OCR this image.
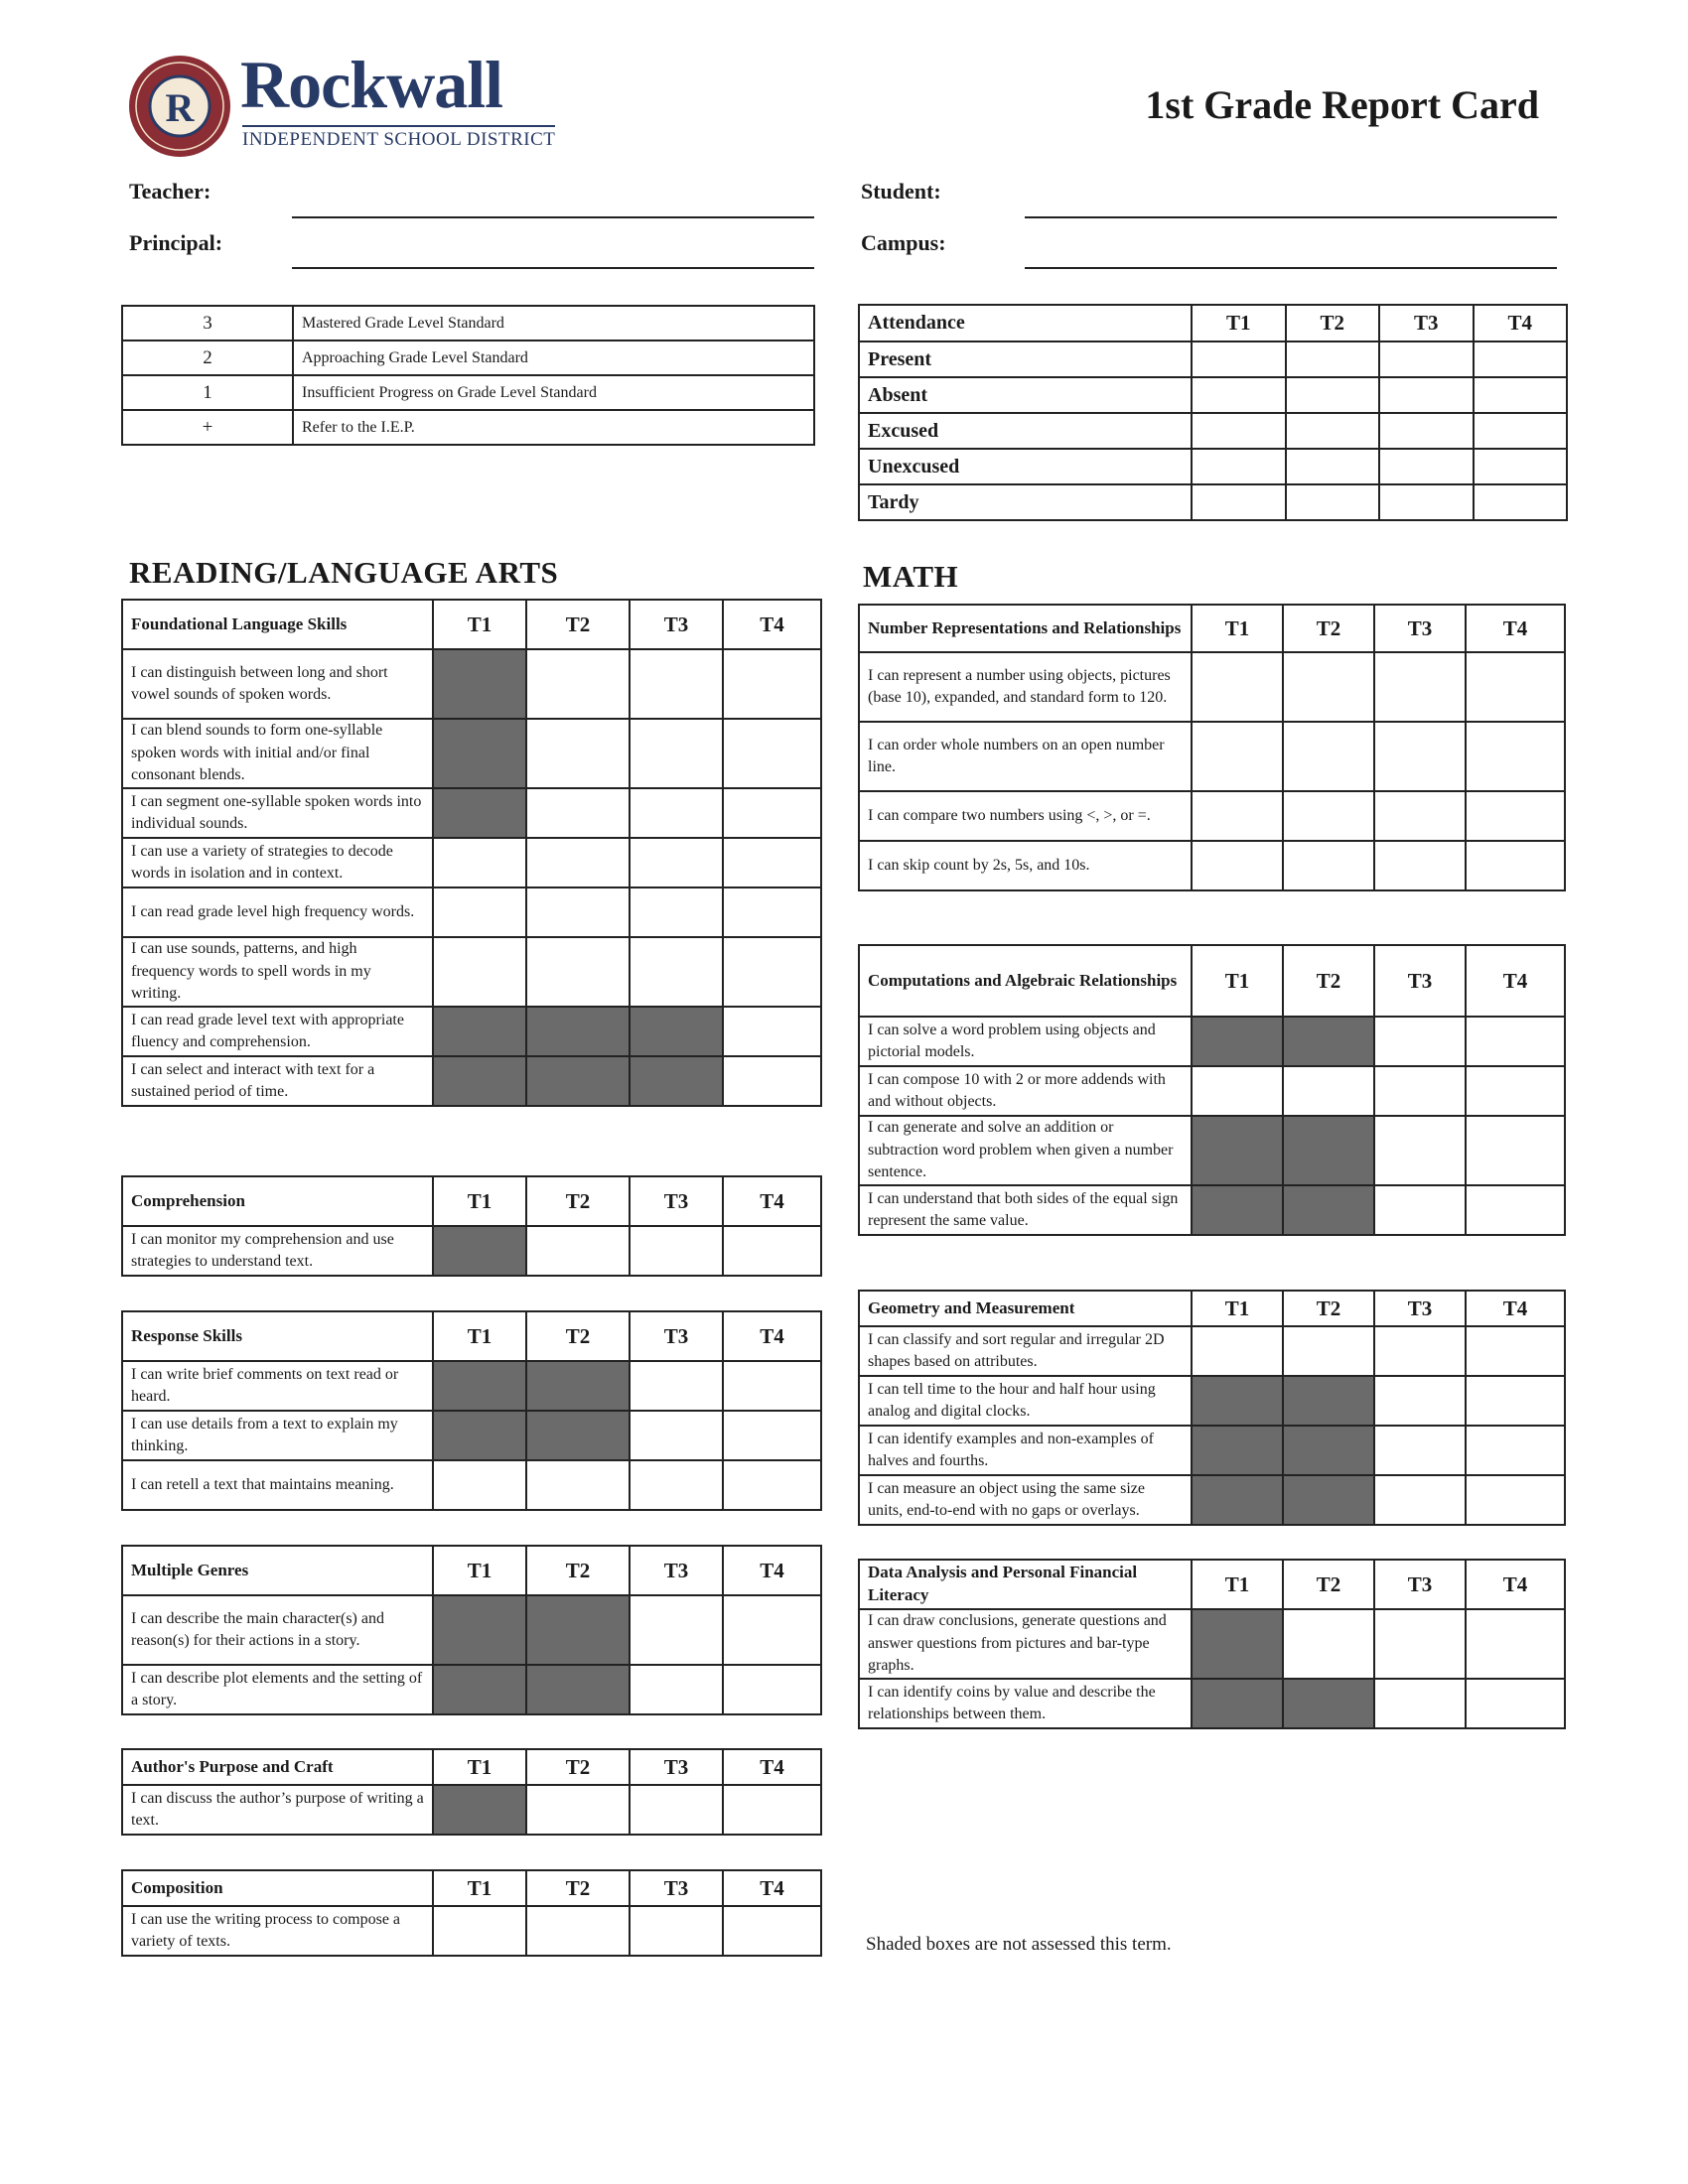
R Rockwall
INDEPENDENT SCHOOL DISTRICT
1st Grade Report Card
Teacher:
Principal:
Student:
Campus:
3	Mastered Grade Level Standard
2	Approaching Grade Level Standard
1	Insufficient Progress on Grade Level Standard
+	Refer to the I.E.P.
Attendance	T1	T2	T3	T4
Present				
Absent				
Excused				
Unexcused				
Tardy				
READING/LANGUAGE ARTS	MATH
Foundational Language Skills	T1	T2	T3	T4
I can distinguish between long and short vowel sounds of spoken words.				
I can blend sounds to form one-syllable spoken words with initial and/or final consonant blends.				
I can segment one-syllable spoken words into individual sounds.				
I can use a variety of strategies to decode words in isolation and in context.				
I can read grade level high frequency words.				
I can use sounds, patterns, and high frequency words to spell words in my writing.				
I can read grade level text with appropriate fluency and comprehension.				
I can select and interact with text for a sustained period of time.				
Comprehension	T1	T2	T3	T4
I can monitor my comprehension and use strategies to understand text.				
Response Skills	T1	T2	T3	T4
I can write brief comments on text read or heard.				
I can use details from a text to explain my thinking.				
I can retell a text that maintains meaning.				
Multiple Genres	T1	T2	T3	T4
I can describe the main character(s) and reason(s) for their actions in a story.				
I can describe plot elements and the setting of a story.				
Author's Purpose and Craft	T1	T2	T3	T4
I can discuss the author’s purpose of writing a text.				
Composition	T1	T2	T3	T4
I can use the writing process to compose a variety of texts.				
Number Representations and Relationships	T1	T2	T3	T4
I can represent a number using objects, pictures (base 10), expanded, and standard form to 120.				
I can order whole numbers on an open number line.				
I can compare two numbers using <, >, or =.				
I can skip count by 2s, 5s, and 10s.				
Computations and Algebraic Relationships	T1	T2	T3	T4
I can solve a word problem using objects and pictorial models.				
I can compose 10 with 2 or more addends with and without objects.				
I can generate and solve an addition or subtraction word problem when given a number sentence.				
I can understand that both sides of the equal sign represent the same value.				
Geometry and Measurement	T1	T2	T3	T4
I can classify and sort regular and irregular 2D shapes based on attributes.				
I can tell time to the hour and half hour using analog and digital clocks.				
I can identify examples and non-examples of halves and fourths.				
I can measure an object using the same size units, end-to-end with no gaps or overlays.				
Data Analysis and Personal Financial Literacy	T1	T2	T3	T4
I can draw conclusions, generate questions and answer questions from pictures and bar-type graphs.				
I can identify coins by value and describe the relationships between them.				
Shaded boxes are not assessed this term.
